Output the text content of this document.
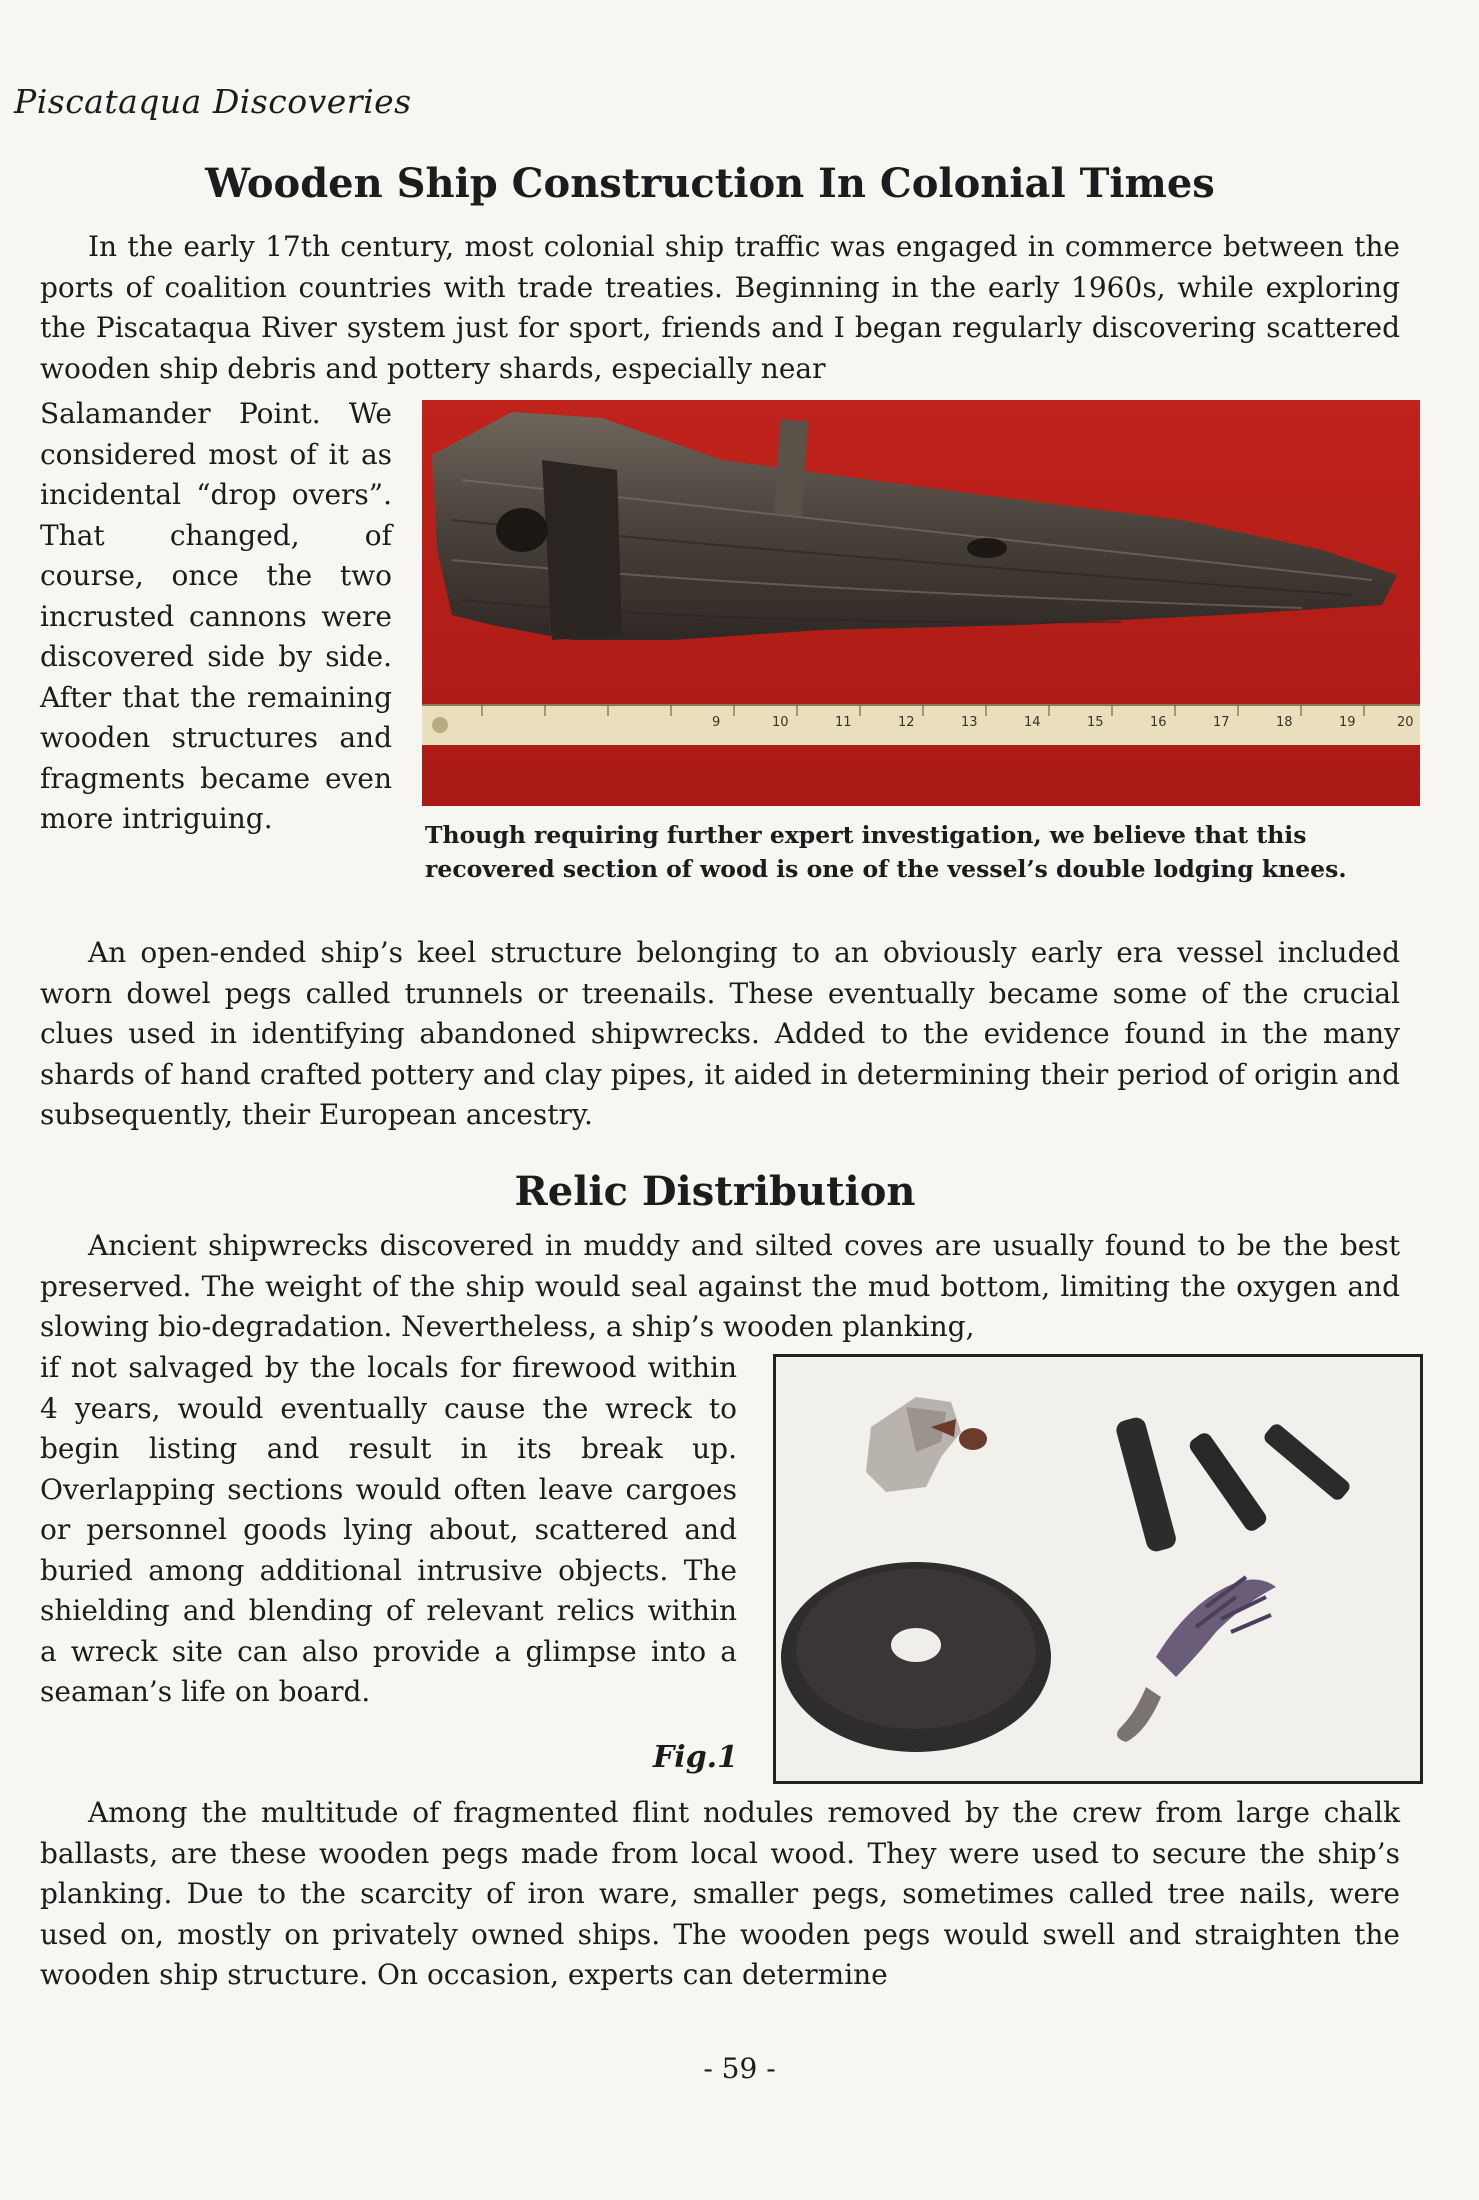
Piscataqua Discoveries
Wooden Ship Construction In Colonial Times

In the early 17th century, most colonial ship traffic was engaged in commerce between the ports of coalition countries with trade treaties. Beginning in the early 1960s, while exploring the Piscataqua River system just for sport, friends and I began regularly discovering scattered wooden ship debris and pottery shards, especially near

Salamander Point. We considered most of it as incidental “drop overs”. That changed, of course, once the two incrusted cannons were discovered side by side. After that the remaining wooden structures and fragments became even more intriguing.

9	10	11	12	13	14	15	16	17	18	19	20
Though requiring further expert investigation, we believe that this recovered section of wood is one of the vessel’s double lodging knees.

An open-ended ship’s keel structure belonging to an obviously early era vessel included worn dowel pegs called trunnels or treenails. These eventually became some of the crucial clues used in identifying abandoned shipwrecks. Added to the evidence found in the many shards of hand crafted pottery and clay pipes, it aided in determining their period of origin and subsequently, their European ancestry.

Relic Distribution

Ancient shipwrecks discovered in muddy and silted coves are usually found to be the best preserved. The weight of the ship would seal against the mud bottom, limiting the oxygen and slowing bio-degradation. Nevertheless, a ship’s wooden planking,

if not salvaged by the locals for firewood within 4 years, would eventually cause the wreck to begin listing and result in its break up. Overlapping sections would often leave cargoes or personnel goods lying about, scattered and buried among additional intrusive objects. The shielding and blending of relevant relics within a wreck site can also provide a glimpse into a seaman’s life on board.

Fig.1

Among the multitude of fragmented flint nodules removed by the crew from large chalk ballasts, are these wooden pegs made from local wood. They were used to secure the ship’s planking. Due to the scarcity of iron ware, smaller pegs, sometimes called tree nails, were used on, mostly on privately owned ships. The wooden pegs would swell and straighten the wooden ship structure. On occasion, experts can determine

- 59 -
